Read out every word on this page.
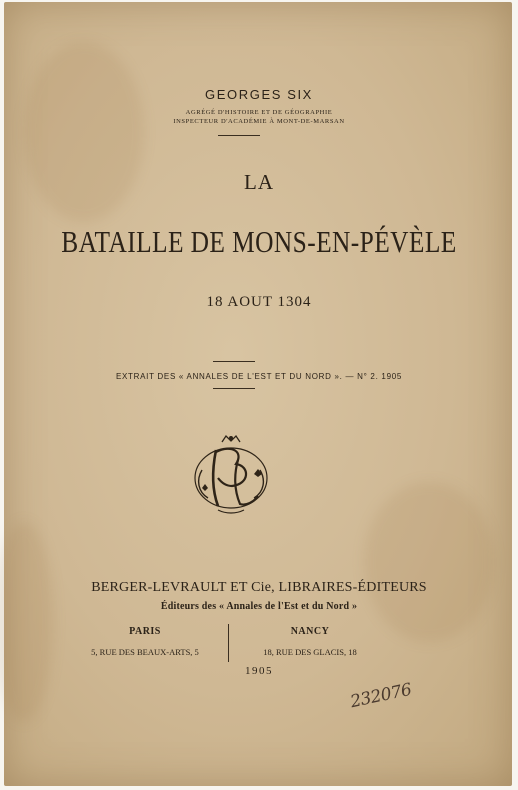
GEORGES SIX
AGRÉGÉ D'HISTOIRE ET DE GÉOGRAPHIE
INSPECTEUR D'ACADÉMIE À MONT-DE-MARSAN
LA
BATAILLE DE MONS-EN-PÉVÈLE
18 AOUT 1304
EXTRAIT DES « ANNALES DE L'EST ET DU NORD ». — N° 2. 1905
BERGER-LEVRAULT ET Cie, LIBRAIRES-ÉDITEURS
Éditeurs des « Annales de l'Est et du Nord »
PARIS	NANCY
5, RUE DES BEAUX-ARTS, 5	18, RUE DES GLACIS, 18
1905
232076
